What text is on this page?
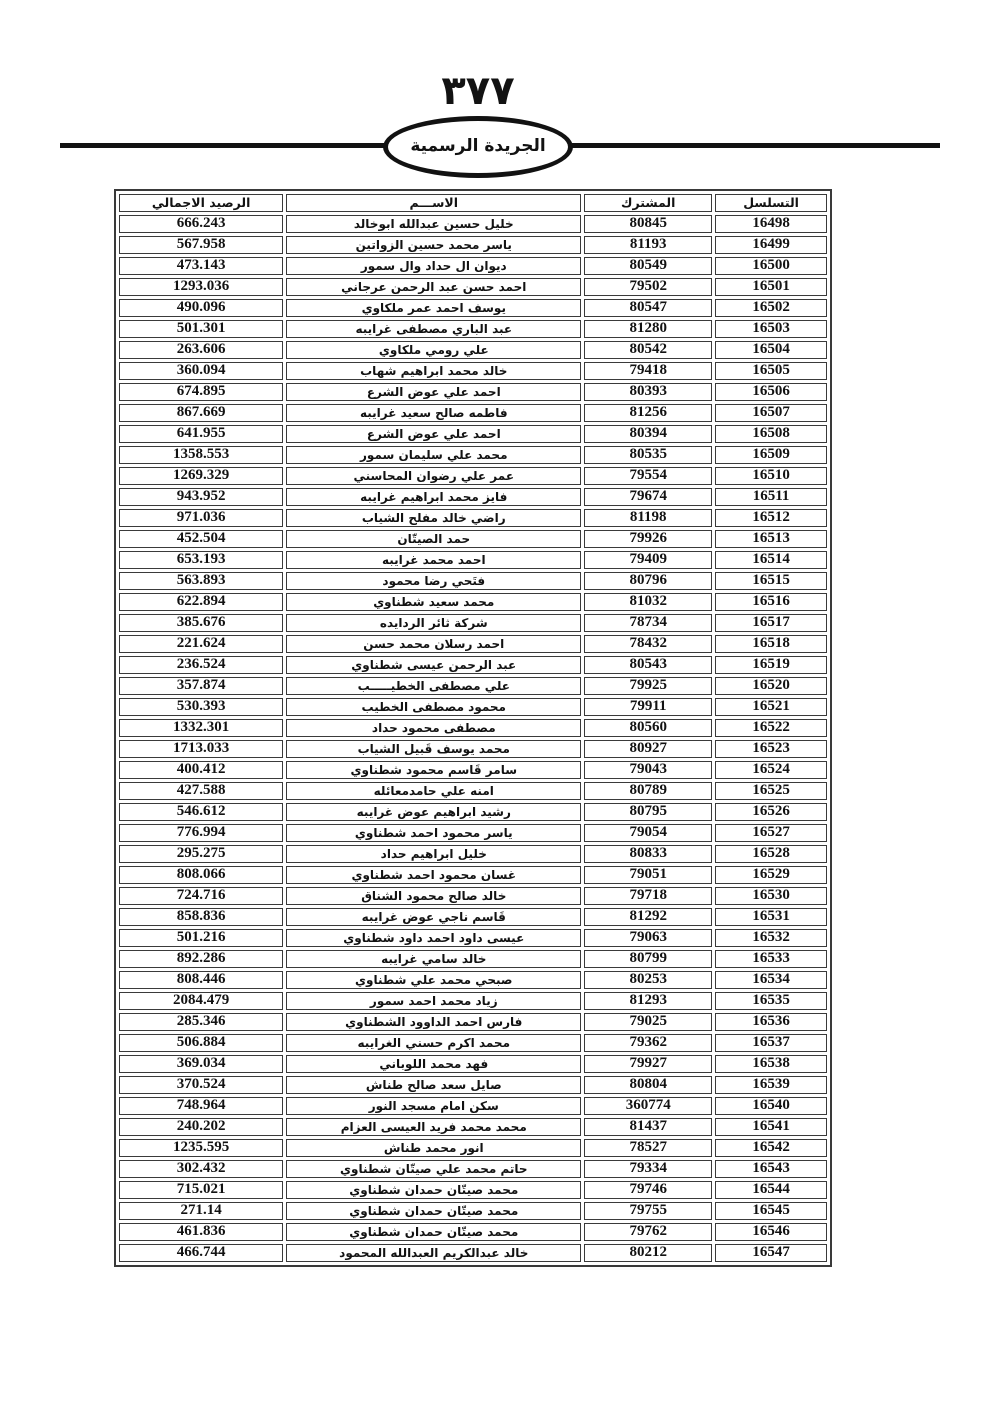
٣٧٧
الجريدة الرسمية
التسلسل	المشترك	الاســـم	الرصيد الاجمالي
16498	80845	خليل حسين عبدالله ابوخالد	666.243
16499	81193	ياسر محمد حسين الزواتين	567.958
16500	80549	ديوان ال حداد وال سمور	473.143
16501	79502	احمد حسن عبد الرحمن عرجاني	1293.036
16502	80547	يوسف احمد عمر ملكاوي	490.096
16503	81280	عبد الباري مصطفى غرايبه	501.301
16504	80542	علي رومي ملكاوي	263.606
16505	79418	خالد محمد ابراهيم شهاب	360.094
16506	80393	احمد علي عوض الشرع	674.895
16507	81256	فاطمه صالح سعيد غرايبه	867.669
16508	80394	احمد علي عوض الشرع	641.955
16509	80535	محمد علي سليمان سمور	1358.553
16510	79554	عمر علي رضوان المحاسني	1269.329
16511	79674	فايز محمد ابراهيم غرايبه	943.952
16512	81198	راضي خالد مفلح الشياب	971.036
16513	79926	حمد الصيتّان	452.504
16514	79409	احمد محمد غرايبه	653.193
16515	80796	فتَحي رضا محمود	563.893
16516	81032	محمد سعيد شطناوي	622.894
16517	78734	شركة ثائر الردايده	385.676
16518	78432	احمد رسلان محمد حسن	221.624
16519	80543	عبد الرحمن عيسى شطناوي	236.524
16520	79925	علي مصطفى الخطيـــــب	357.874
16521	79911	محمود مصطفى الخطيب	530.393
16522	80560	مصطفى محمود حداد	1332.301
16523	80927	محمد يوسف قَبيل الشياب	1713.033
16524	79043	سامر قَاسم محمود شطناوي	400.412
16525	80789	امنه علي حامدمعائله	427.588
16526	80795	رشيد ابراهيم عوض غرايبه	546.612
16527	79054	ياسر محمود احمد شطناوي	776.994
16528	80833	خليل ابراهيم حداد	295.275
16529	79051	غسان محمود احمد شطناوي	808.066
16530	79718	خالد صالح محمود الشناق	724.716
16531	81292	قَاسم ناجي عوض غرايبه	858.836
16532	79063	عيسى داود احمد داود شطناوي	501.216
16533	80799	خالد سامي غرايبه	892.286
16534	80253	صبحي محمد علي شطناوي	808.446
16535	81293	زياد محمد احمد سمور	2084.479
16536	79025	فارس احمد الداوود الشطناوي	285.346
16537	79362	محمد اكرم حسني الغرايبه	506.884
16538	79927	فهد محمد اللوباني	369.034
16539	80804	صايل سعد صالح طناش	370.524
16540	360774	سكن امام مسجد النور	748.964
16541	81437	محمد محمد فريد العيسى العزام	240.202
16542	78527	انور محمد طناش	1235.595
16543	79334	حاتم محمد علي صيتّان شطناوي	302.432
16544	79746	محمد صيتّان حمدان شطناوي	715.021
16545	79755	محمد صيتّان حمدان شطناوي	271.14
16546	79762	محمد صيتّان حمدان شطناوي	461.836
16547	80212	خالد عبدالكريم العبدالله المحمود	466.744
